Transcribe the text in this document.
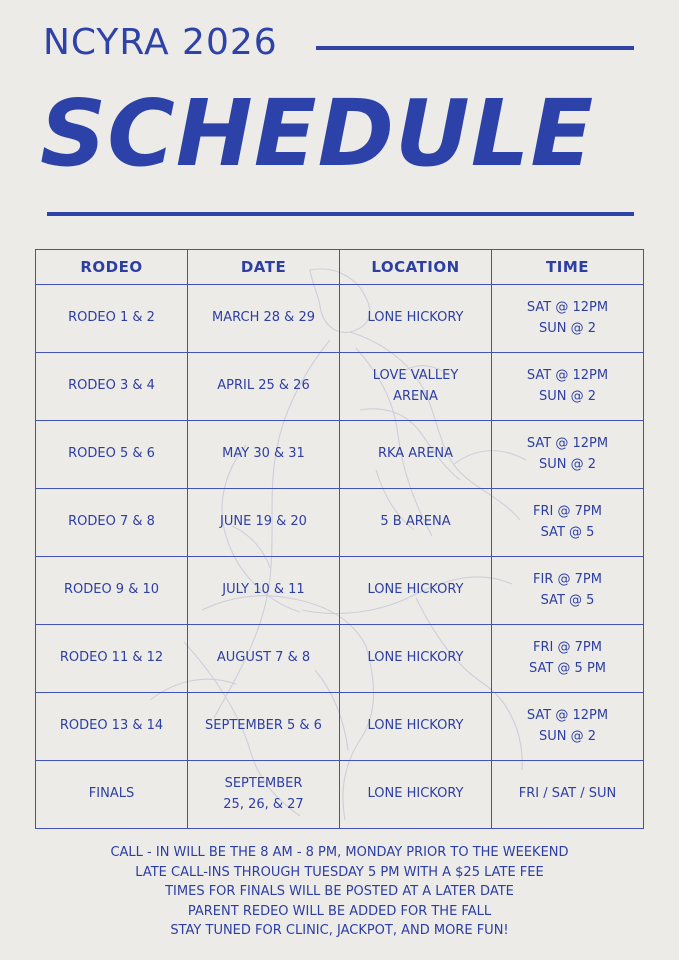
NCYRA 2026
SCHEDULE
RODEO	DATE	LOCATION	TIME
RODEO 1 & 2	MARCH 28 & 29	LONE HICKORY	SAT @ 12PM
SUN @ 2

RODEO 3 & 4	APRIL 25 & 26	LOVE VALLEY
ARENA	SAT @ 12PM
SUN @ 2

RODEO 5 & 6	MAY 30 & 31	RKA ARENA	SAT @ 12PM
SUN @ 2

RODEO 7 & 8	JUNE 19 & 20	5 B ARENA	FRI @ 7PM
SAT @ 5

RODEO 9 & 10	JULY 10 & 11	LONE HICKORY	FIR @ 7PM
SAT @ 5

RODEO 11 & 12	AUGUST 7 & 8	LONE HICKORY	FRI @ 7PM
SAT @ 5 PM

RODEO 13 & 14	SEPTEMBER 5 & 6	LONE HICKORY	SAT @ 12PM
SUN @ 2

FINALS	SEPTEMBER
25, 26, & 27	LONE HICKORY	FRI / SAT / SUN
CALL - IN WILL BE THE 8 AM - 8 PM, MONDAY PRIOR TO THE WEEKEND
LATE CALL-INS THROUGH TUESDAY 5 PM WITH A $25 LATE FEE
TIMES FOR FINALS WILL BE POSTED AT A LATER DATE
PARENT REDEO WILL BE ADDED FOR THE FALL
STAY TUNED FOR CLINIC, JACKPOT, AND MORE FUN!
